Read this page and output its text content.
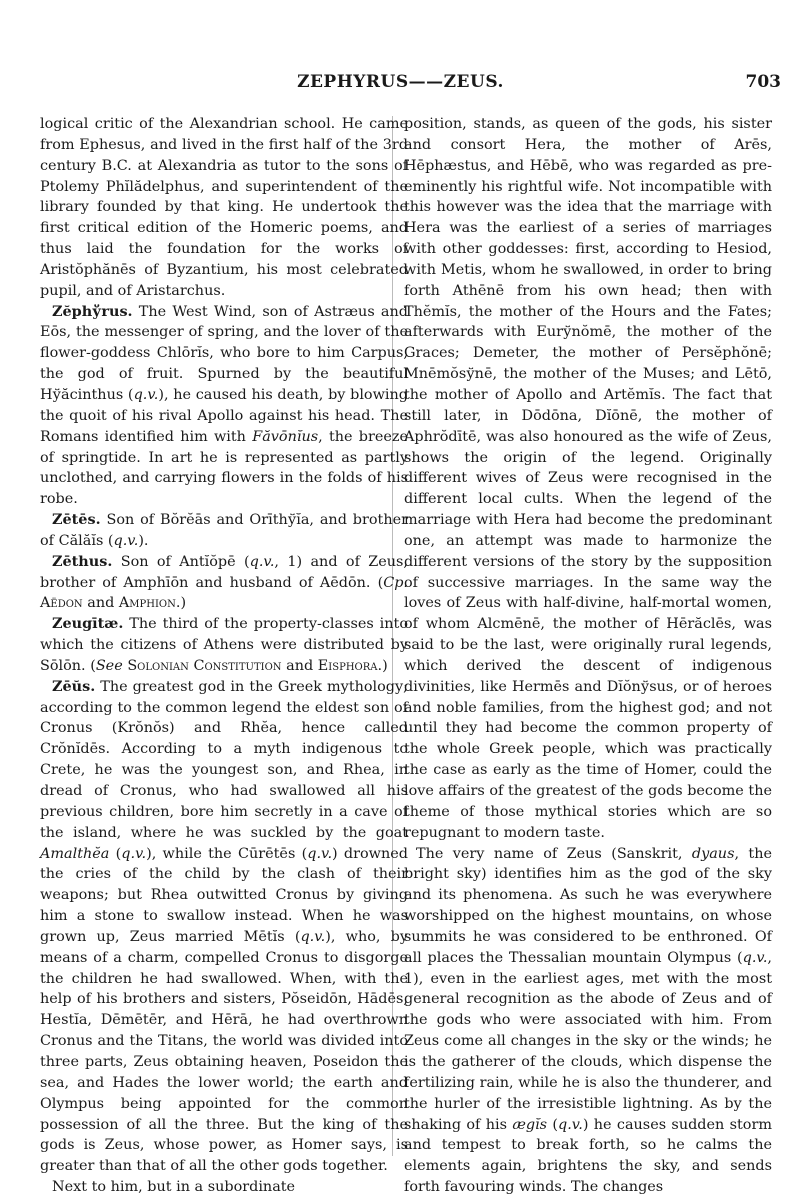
ZEPHYRUS——ZEUS.	703

logical critic of the Alexandrian school. He came from Ephesus, and lived in the first half of the 3rd century B.C. at Alexandria as tutor to the sons of Ptolemy Phĭlădelphus, and superintendent of the library founded by that king. He undertook the first critical edition of the Homeric poems, and thus laid the foundation for the works of Aristŏphănēs of Byzantium, his most celebrated pupil, and of Aristarchus.

Zĕphўrus. The West Wind, son of Astræus and Eōs, the messenger of spring, and the lover of the flower-goddess Chlōrĭs, who bore to him Carpus, the god of fruit. Spurned by the beautiful Hўăcinthus (q.v.), he caused his death, by blowing the quoit of his rival Apollo against his head. The Romans identified him with Făvōnĭus, the breeze of springtide. In art he is represented as partly unclothed, and carrying flowers in the folds of his robe.

Zētēs. Son of Bŏrĕās and Orīthўĭa, and brother of Călăĭs (q.v.).

Zēthus. Son of Antĭŏpē (q.v., 1) and of Zeus, brother of Amphīōn and husband of Aēdōn. (Cp. Aëdon and Amphion.)

Zeugītæ. The third of the property-classes into which the citizens of Athens were distributed by Sōlōn. (See Solonian Constitution and Eisphora.)

Zēŭs. The greatest god in the Greek mythology; according to the common legend the eldest son of Cronus (Krŏnŏs) and Rhĕa, hence called Crŏnĭdēs. According to a myth indigenous to Crete, he was the youngest son, and Rhea, in dread of Cronus, who had swallowed all his previous children, bore him secretly in a cave of the island, where he was suckled by the goat Amalthĕa (q.v.), while the Cūrētēs (q.v.) drowned the cries of the child by the clash of their weapons; but Rhea outwitted Cronus by giving him a stone to swallow instead. When he was grown up, Zeus married Mētĭs (q.v.), who, by means of a charm, compelled Cronus to disgorge the children he had swallowed. When, with the help of his brothers and sisters, Pŏseidōn, Hādēs, Hestĭa, Dēmētēr, and Hērā, he had overthrown Cronus and the Titans, the world was divided into three parts, Zeus obtaining heaven, Poseidon the sea, and Hades the lower world; the earth and Olympus being appointed for the common possession of all the three. But the king of the gods is Zeus, whose power, as Homer says, is greater than that of all the other gods together.

Next to him, but in a subordinate

position, stands, as queen of the gods, his sister and consort Hera, the mother of Arēs, Hēphæstus, and Hēbē, who was regarded as pre-eminently his rightful wife. Not incompatible with this however was the idea that the marriage with Hera was the earliest of a series of marriages with other goddesses: first, according to Hesiod, with Metis, whom he swallowed, in order to bring forth Athēnē from his own head; then with Thĕmĭs, the mother of the Hours and the Fates; afterwards with Eurўnŏmē, the mother of the Graces; Demeter, the mother of Persĕphŏnē; Mnēmŏsўnē, the mother of the Muses; and Lētō, the mother of Apollo and Artĕmĭs. The fact that still later, in Dōdōna, Dĭōnē, the mother of Aphrŏdītē, was also honoured as the wife of Zeus, shows the origin of the legend. Originally different wives of Zeus were recognised in the different local cults. When the legend of the marriage with Hera had become the predominant one, an attempt was made to harmonize the different versions of the story by the supposition of successive marriages. In the same way the loves of Zeus with half-divine, half-mortal women, of whom Alcmēnē, the mother of Hērăclēs, was said to be the last, were originally rural legends, which derived the descent of indigenous divinities, like Hermēs and Dĭŏnўsus, or of heroes and noble families, from the highest god; and not until they had become the common property of the whole Greek people, which was practically the case as early as the time of Homer, could the love affairs of the greatest of the gods become the theme of those mythical stories which are so repugnant to modern taste.

The very name of Zeus (Sanskrit, dyaus, the bright sky) identifies him as the god of the sky and its phenomena. As such he was everywhere worshipped on the highest mountains, on whose summits he was considered to be enthroned. Of all places the Thessalian mountain Olympus (q.v., 1), even in the earliest ages, met with the most general recognition as the abode of Zeus and of the gods who were associated with him. From Zeus come all changes in the sky or the winds; he is the gatherer of the clouds, which dispense the fertilizing rain, while he is also the thunderer, and the hurler of the irresistible lightning. As by the shaking of his ægĭs (q.v.) he causes sudden storm and tempest to break forth, so he calms the elements again, brightens the sky, and sends forth favouring winds. The changes
